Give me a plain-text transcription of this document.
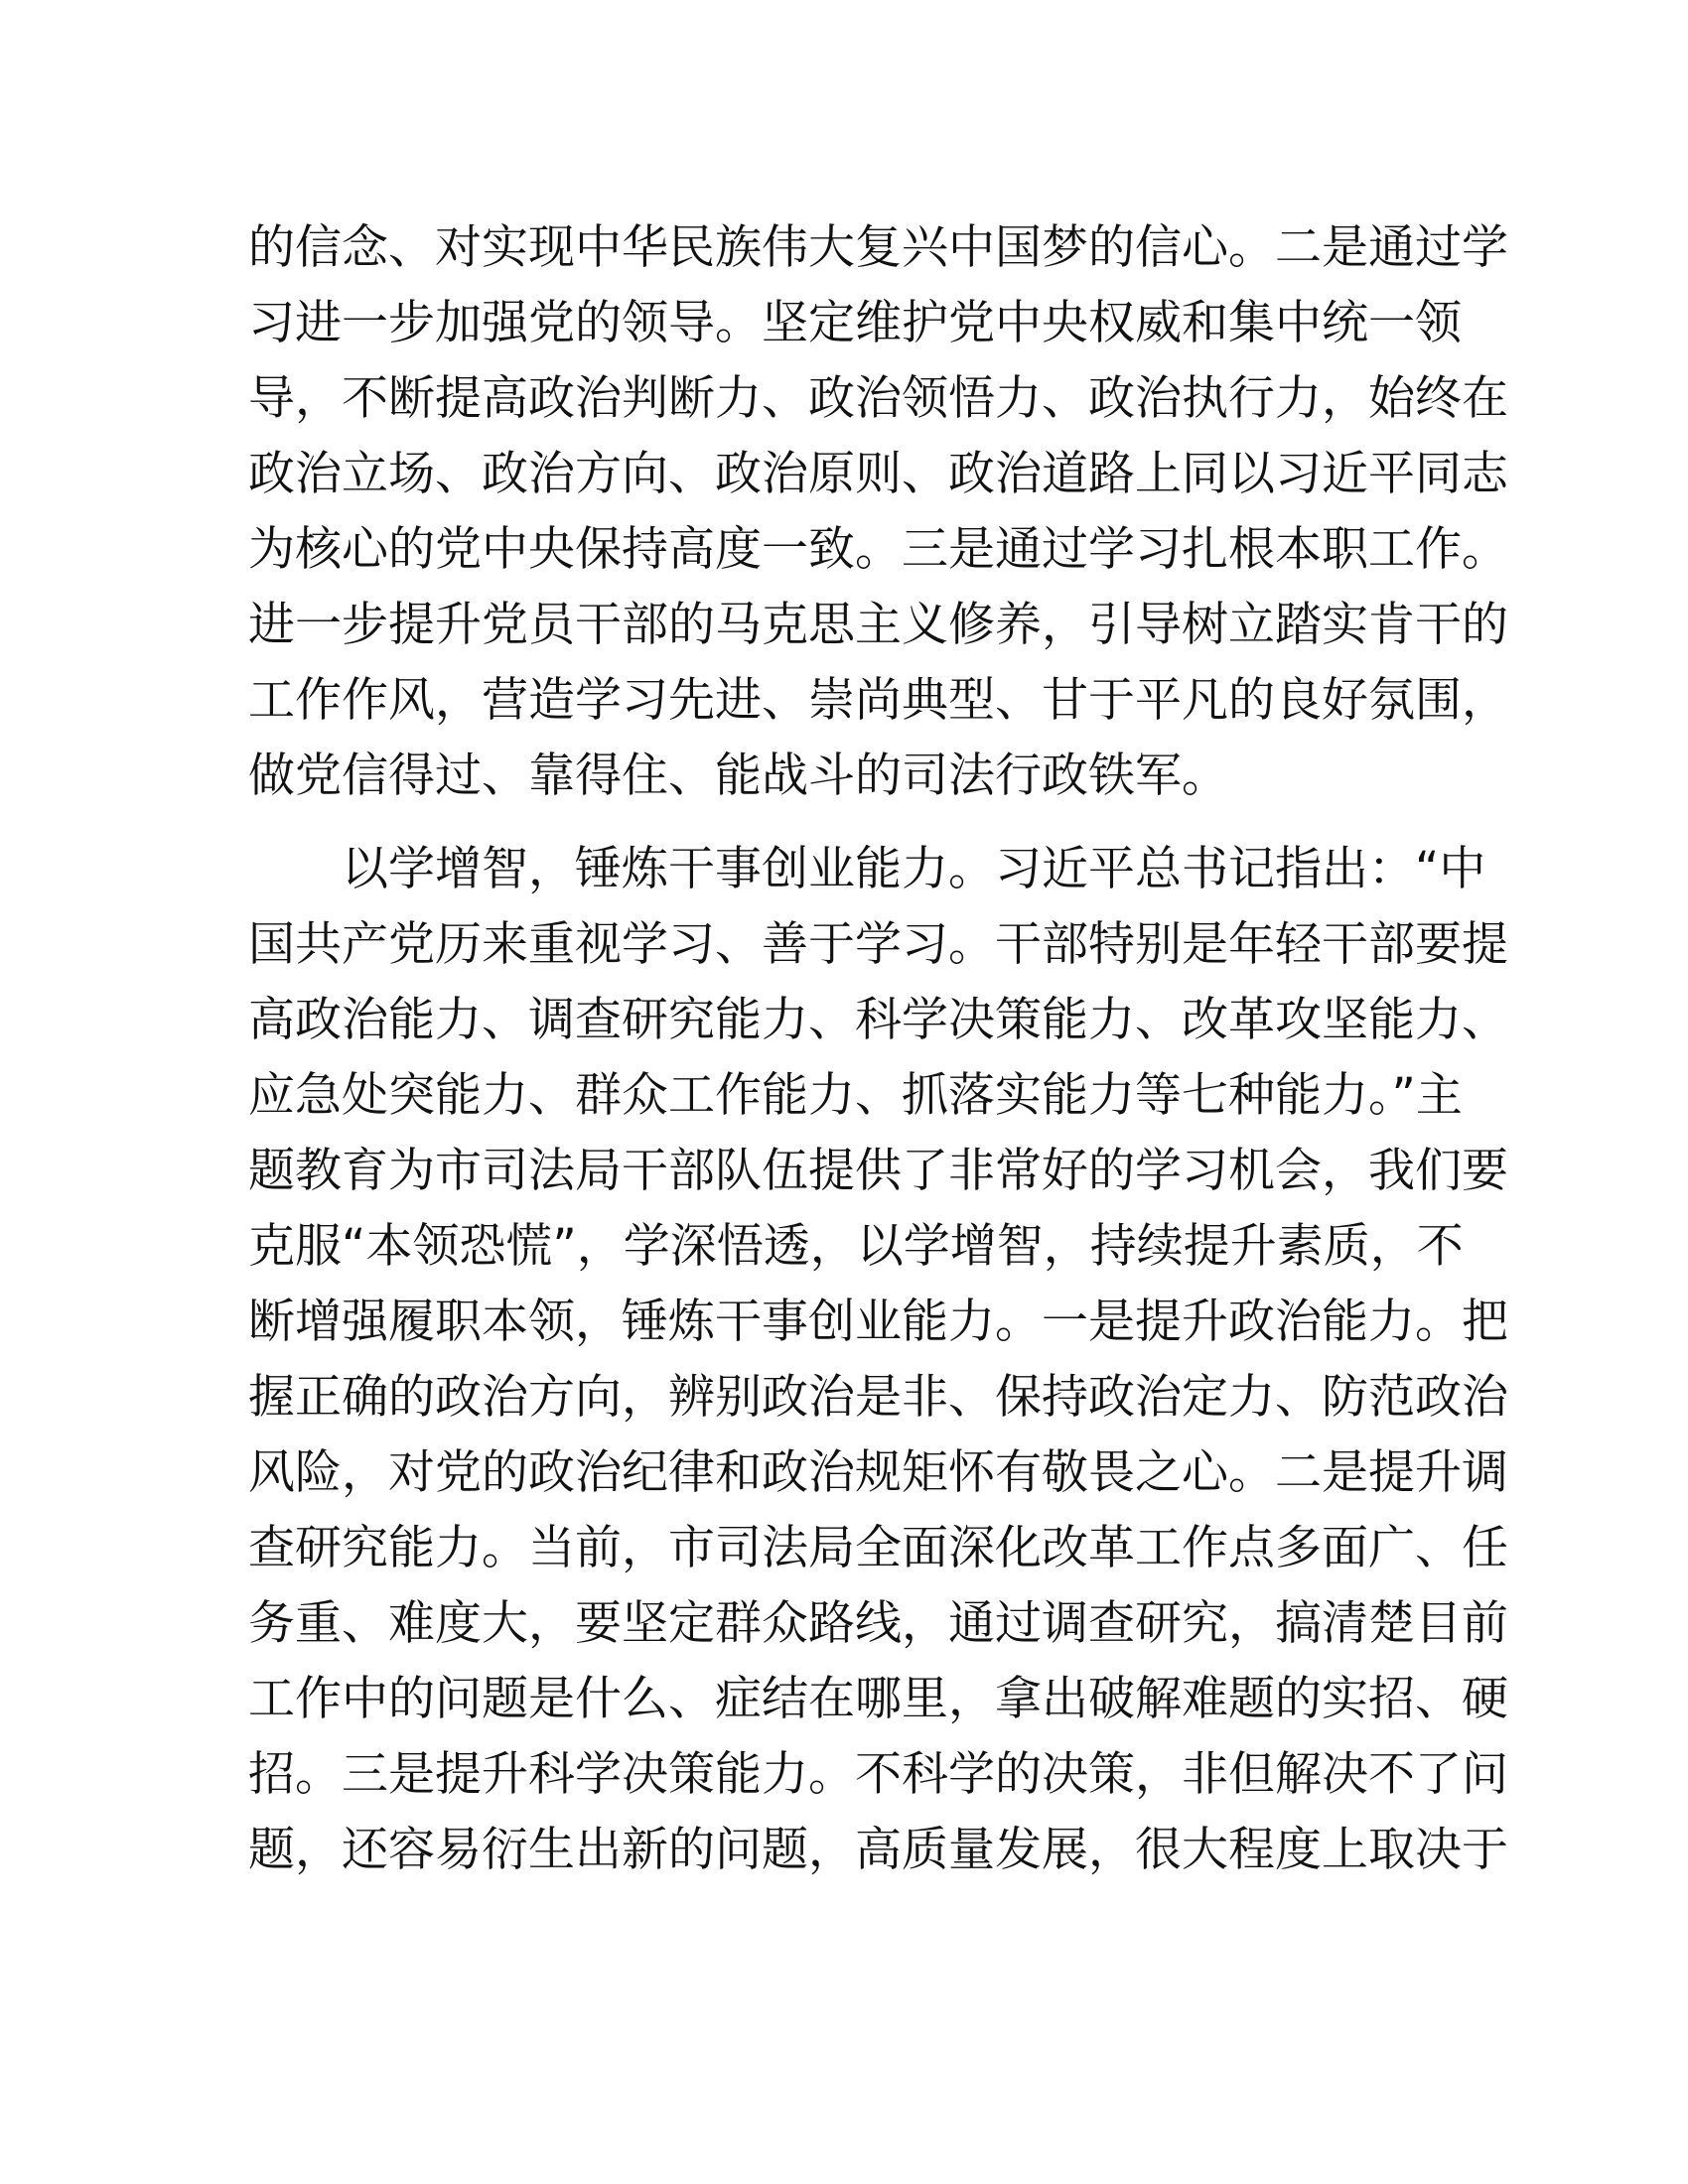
的信念、对实现中华民族伟大复兴中国梦的信心。二是通过学
习进一步加强党的领导。坚定维护党中央权威和集中统一领
导，不断提高政治判断力、政治领悟力、政治执行力，始终在
政治立场、政治方向、政治原则、政治道路上同以习近平同志
为核心的党中央保持高度一致。三是通过学习扎根本职工作。
进一步提升党员干部的马克思主义修养，引导树立踏实肯干的
工作作风，营造学习先进、崇尚典型、甘于平凡的良好氛围，
做党信得过、靠得住、能战斗的司法行政铁军。
以学增智，锤炼干事创业能力。习近平总书记指出：“中
国共产党历来重视学习、善于学习。干部特别是年轻干部要提
高政治能力、调查研究能力、科学决策能力、改革攻坚能力、
应急处突能力、群众工作能力、抓落实能力等七种能力。”主
题教育为市司法局干部队伍提供了非常好的学习机会，我们要
克服“本领恐慌”，学深悟透，以学增智，持续提升素质，不
断增强履职本领，锤炼干事创业能力。一是提升政治能力。把
握正确的政治方向，辨别政治是非、保持政治定力、防范政治
风险，对党的政治纪律和政治规矩怀有敬畏之心。二是提升调
查研究能力。当前，市司法局全面深化改革工作点多面广、任
务重、难度大，要坚定群众路线，通过调查研究，搞清楚目前
工作中的问题是什么、症结在哪里，拿出破解难题的实招、硬
招。三是提升科学决策能力。不科学的决策，非但解决不了问
题，还容易衍生出新的问题，高质量发展，很大程度上取决于
